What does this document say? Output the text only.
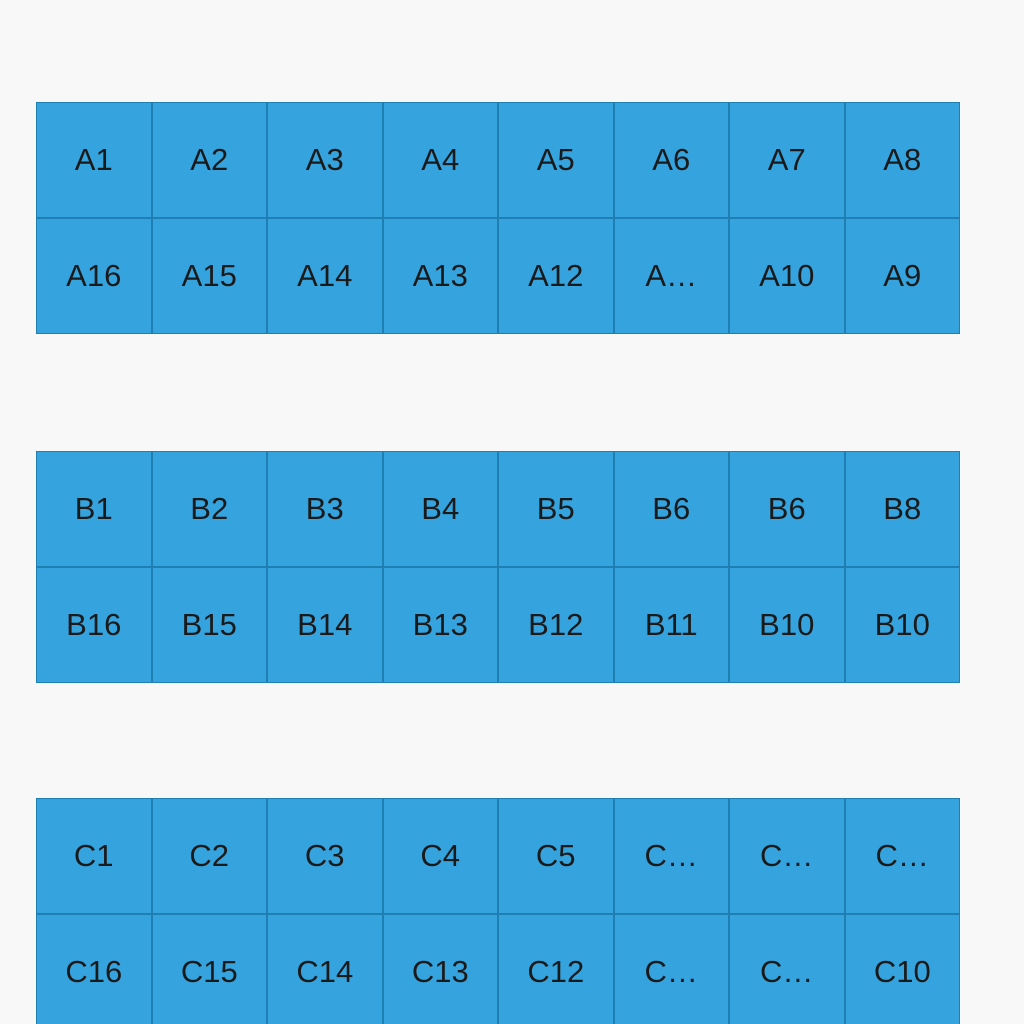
A1	A2	A3	A4	A5	A6	A7	A8
A16 A15 A14 A13 A12 A… A10 A9
B1	B2	B3	B4	B5	B6	B6	B8
B16 B15 B14 B13 B12 B11 B10 B10
C1 C2 C3 C4 C5 C… C… C…
C16 C15 C14 C13 C12 C… C… C10
